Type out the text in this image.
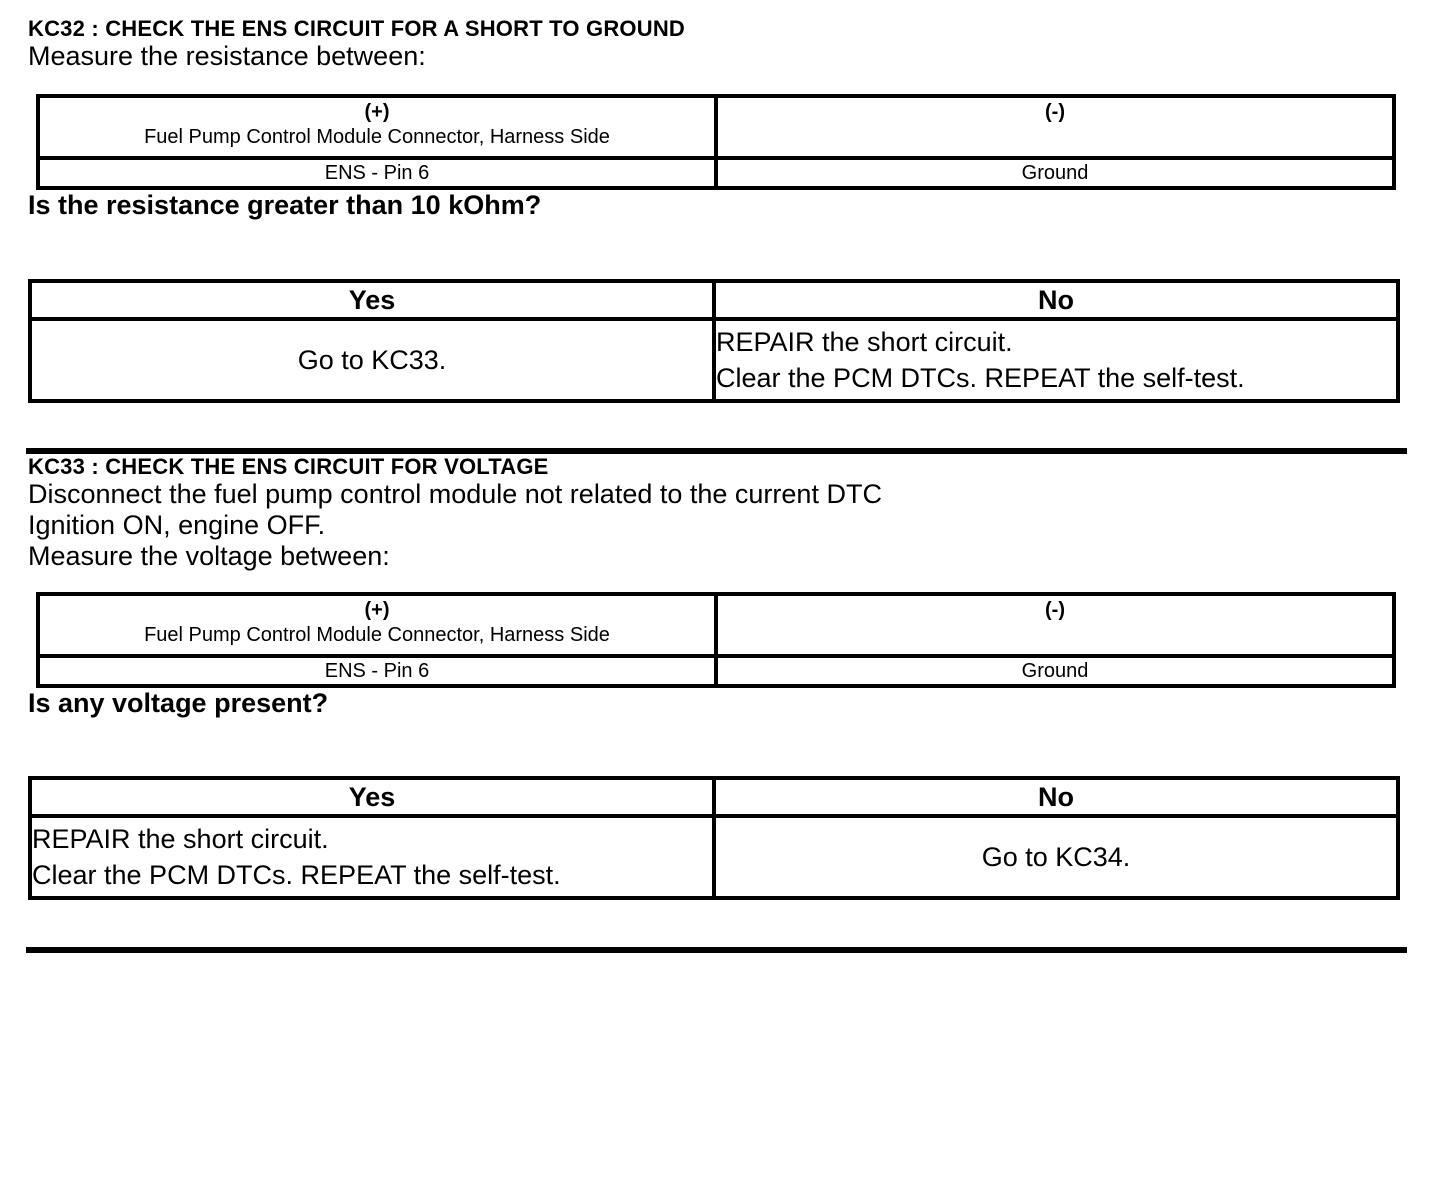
KC32 : CHECK THE ENS CIRCUIT FOR A SHORT TO GROUND

Measure the resistance between:

(+)
Fuel Pump Control Module Connector, Harness Side	(-)

ENS - Pin 6	Ground
Is the resistance greater than 10 kOhm?
Yes	No

Go to KC33.	REPAIR the short circuit.
Clear the PCM DTCs. REPEAT the self-test.
KC33 : CHECK THE ENS CIRCUIT FOR VOLTAGE

Disconnect the fuel pump control module not related to the current DTC

Ignition ON, engine OFF.

Measure the voltage between:

(+)
Fuel Pump Control Module Connector, Harness Side	(-)

ENS - Pin 6	Ground
Is any voltage present?
Yes	No

REPAIR the short circuit.
Clear the PCM DTCs. REPEAT the self-test.	Go to KC34.
